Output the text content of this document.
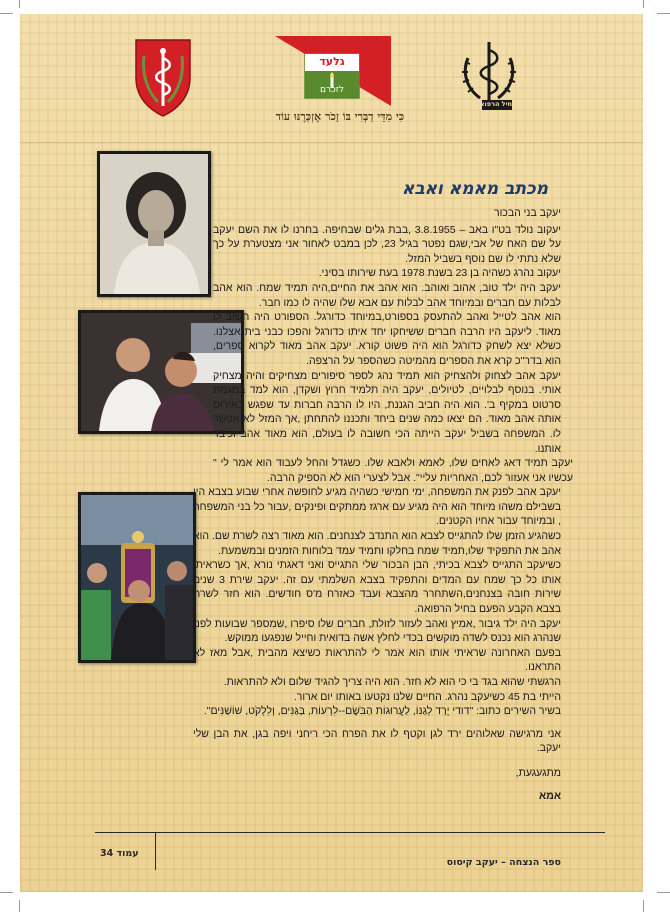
גלעד
לזכרם
חיל הרפואה
כִּי מִדֵּי דַבְּרִי בּוֹ זָכֹר אֶזְכְּרֶנּוּ עוֹד
מכתב מאמא ואבא

יעקב בני הבכור

יעקוב נולד בט"ו באב – 3.8.1955 ,בבת גלים שבחיפה. בחרנו לו את השם יעקב על שם האח של אבי,שגם נפטר בגיל 23, לכן במבט לאחור אני מצטערת על כך שלא נתתי לו שם נוסף בשביל המזל.

יעקוב נהרג כשהיה בן 23 בשנת 1978 בעת שירותו בסיני.

יעקב היה ילד טוב, אהוב ואוהב. הוא אהב את החיים,היה תמיד שמח. הוא אהב לבלות עם חברים ובמיוחד אהב לבלות עם אבא שלו שהיה לו כמו חבר.

הוא אהב לטייל ואהב להתעסק בספורט,במיוחד כדורגל. הספורט היה חשוב לו מאוד. ליעקב היו הרבה חברים ששיחקו יחד איתו כדורגל והפכו כבני בית אצלנו. כשלא יצא לשחק כדורגל הוא היה פשוט קורא. יעקב אהב מאוד לקרוא ספרים, הוא בדר"כ קרא את הספרים מהמיטה כשהספר על הרצפה.

יעקב אהב לצחוק ולהצחיק הוא תמיד נהג לספר סיפורים מצחיקים והיה מצחיק אותי. בנוסף לבלויים, לטיולים, יעקב היה תלמיד חרוץ ושקדן, הוא למד במגמת סרטוט במקיף ב'. הוא היה חביב הגננת, היו לו הרבה חברות עד שפגש באירוס אותה אהב מאוד. הם יצאו כמה שנים ביחד ותכננו להתחתן ,אך המזל לא אפשר לו. המשפחה בשביל יעקב הייתה הכי חשובה לו בעולם, הוא מאוד אהב וכיבד אותנו.

יעקב תמיד דאג לאחים שלו, לאמא ולאבא שלו. כשגדל והחל לעבוד הוא אמר לי " עכשיו אני אעזור לכם, האחריות עליי". אבל לצערי הוא לא הספיק הרבה.

יעקב אהב לפנק את המשפחה, ימי חמישי כשהיה מגיע לחופשה אחרי שבוע בצבא היו בשבילם משהו מיוחד הוא היה מגיע עם ארגז ממתקים ופינקים ,עבור כל בני המשפחה , ובמיוחד עבור אחיו הקטנים.

כשהגיע הזמן שלו להתגייס לצבא הוא התנדב לצנחנים. הוא מאוד רצה לשרת שם. הוא אהב את התפקיד שלו,תמיד שמח בחלקו ותמיד עמד בלוחות הזמנים ובמשמעת.

כשיעקב התגייס לצבא בכיתי, הבן הבכור שלי התגייס ואני דאגתי נורא ,אך כשראיתי אותו כל כך שמח עם המדים והתפקיד בצבא השלמתי עם זה. יעקב שירת 3 שנים שירות חובה בצנחנים,השתחרר מהצבא ועבד כאזרח מ'ס חודשים. הוא חזר לשרת בצבא הקבע הפעם בחיל הרפואה.

יעקב היה ילד גיבור ,אמיץ ואהב לעזור לזולת, חברים שלו סיפרו ,שמספר שבועות לפני שנהרג הוא נכנס לשדה מוקשים בכדי לחלץ אשה בדואית וחייל שנפגעו ממוקש.

בפעם האחרונה שראיתי אותו הוא אמר לי להתראות כשיצא מהבית ,אבל מאז לא התראנו.

הרגשתי שהוא בגד בי כי הוא לא חזר. הוא היה צריך להגיד שלום ולא להתראות.

הייתי בת 45 כשיעקב נהרג. החיים שלנו נקטעו באותו יום ארור.

בשיר השירים כתוב: "דודי יָרַד לְגַנּוֹ, לַעֲרוּגוֹת הַבֹּשֶׂם--לִרְעוֹת, בַּגַּנִּים, וְלִלְקֹט, שׁוֹשַׁנִּים".

אני מרגישה שאלוהים ירד לגן וקטף לו את הפרח הכי ריחני ויפה בגן, את הבן שלי יעקב.

מתגעגעת,

אמא

עמוד 34
ספר הנצחה – יעקב קיסוס
